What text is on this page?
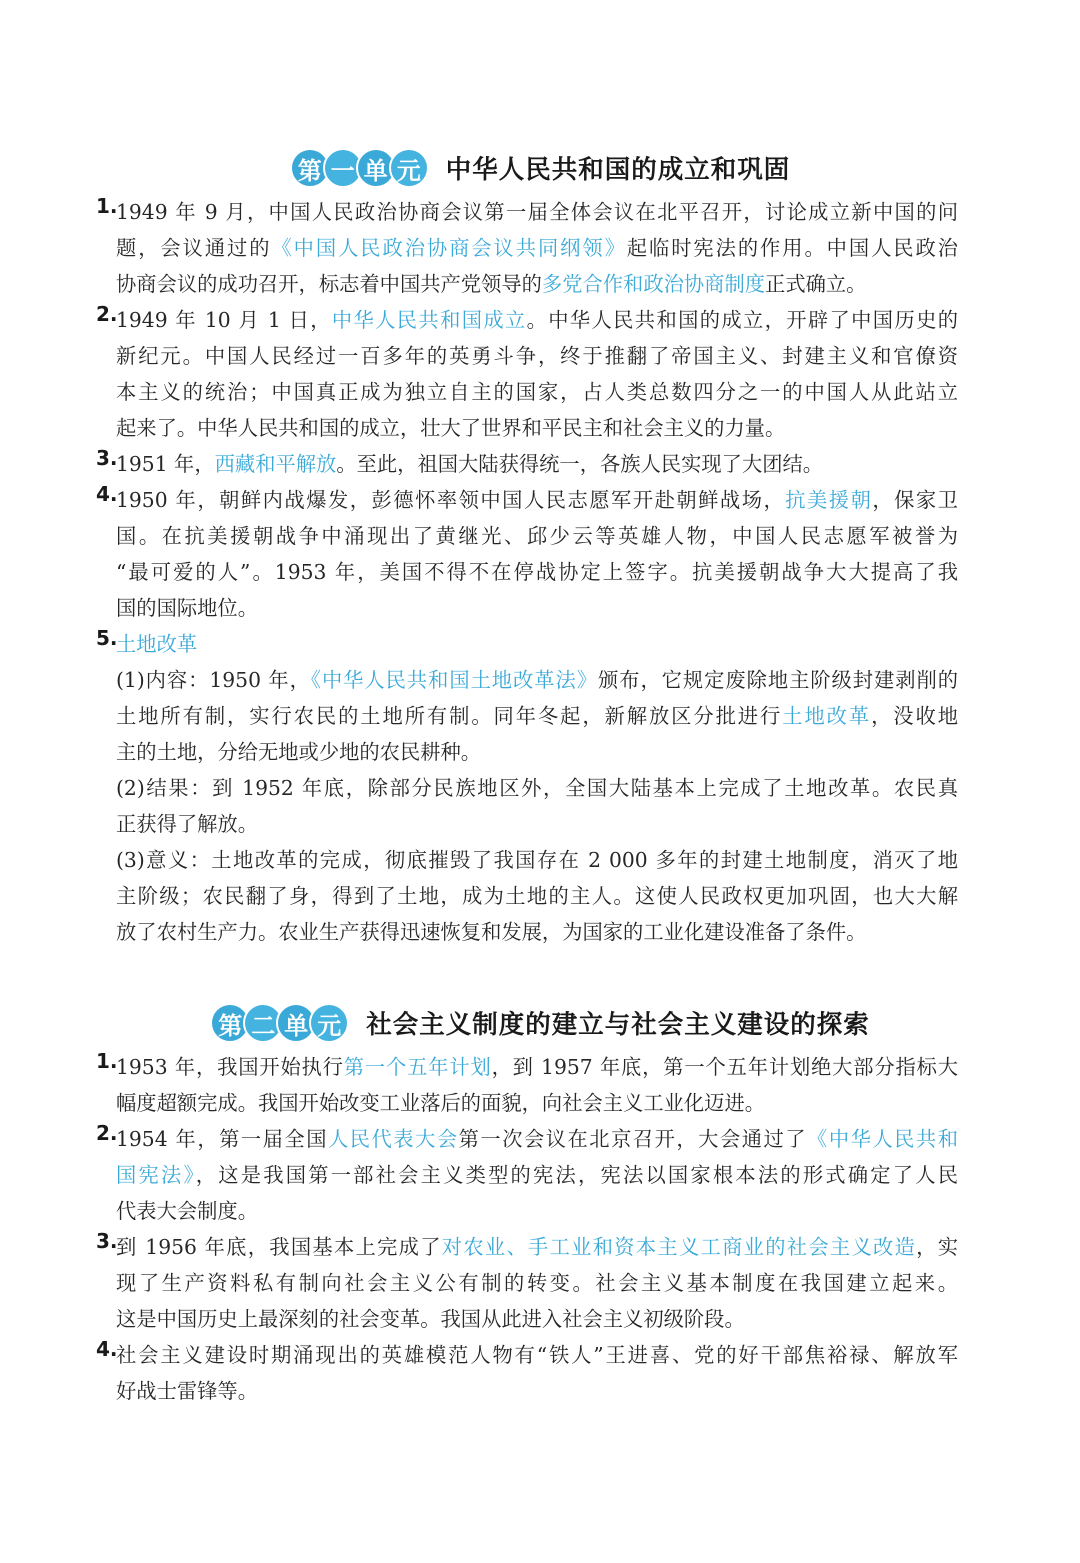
第 一 单 元 中华人民共和国的成立和巩固
1.
1949 年 9 月，中国人民政治协商会议第一届全体会议在北平召开，讨论成立新中国的问
题，会议通过的《中国人民政治协商会议共同纲领》起临时宪法的作用。中国人民政治
协商会议的成功召开，标志着中国共产党领导的多党合作和政治协商制度正式确立。
2.
1949 年 10 月 1 日，中华人民共和国成立。中华人民共和国的成立，开辟了中国历史的
新纪元。中国人民经过一百多年的英勇斗争，终于推翻了帝国主义、封建主义和官僚资
本主义的统治；中国真正成为独立自主的国家，占人类总数四分之一的中国人从此站立
起来了。中华人民共和国的成立，壮大了世界和平民主和社会主义的力量。
3.
1951 年，西藏和平解放。至此，祖国大陆获得统一，各族人民实现了大团结。
4.
1950 年，朝鲜内战爆发，彭德怀率领中国人民志愿军开赴朝鲜战场，抗美援朝，保家卫
国。在抗美援朝战争中涌现出了黄继光、邱少云等英雄人物，中国人民志愿军被誉为
“最可爱的人”。1953 年，美国不得不在停战协定上签字。抗美援朝战争大大提高了我
国的国际地位。
5.
土地改革
(1)内容：1950 年，《中华人民共和国土地改革法》颁布，它规定废除地主阶级封建剥削的
土地所有制，实行农民的土地所有制。同年冬起，新解放区分批进行土地改革，没收地
主的土地，分给无地或少地的农民耕种。
(2)结果：到 1952 年底，除部分民族地区外，全国大陆基本上完成了土地改革。农民真
正获得了解放。
(3)意义：土地改革的完成，彻底摧毁了我国存在 2 000 多年的封建土地制度，消灭了地
主阶级；农民翻了身，得到了土地，成为土地的主人。这使人民政权更加巩固，也大大解
放了农村生产力。农业生产获得迅速恢复和发展，为国家的工业化建设准备了条件。
第 二 单 元 社会主义制度的建立与社会主义建设的探索
1.
1953 年，我国开始执行第一个五年计划，到 1957 年底，第一个五年计划绝大部分指标大
幅度超额完成。我国开始改变工业落后的面貌，向社会主义工业化迈进。
2.
1954 年，第一届全国人民代表大会第一次会议在北京召开，大会通过了《中华人民共和
国宪法》，这是我国第一部社会主义类型的宪法，宪法以国家根本法的形式确定了人民
代表大会制度。
3.
到 1956 年底，我国基本上完成了对农业、手工业和资本主义工商业的社会主义改造，实
现了生产资料私有制向社会主义公有制的转变。社会主义基本制度在我国建立起来。
这是中国历史上最深刻的社会变革。我国从此进入社会主义初级阶段。
4.
社会主义建设时期涌现出的英雄模范人物有“铁人”王进喜、党的好干部焦裕禄、解放军
好战士雷锋等。
